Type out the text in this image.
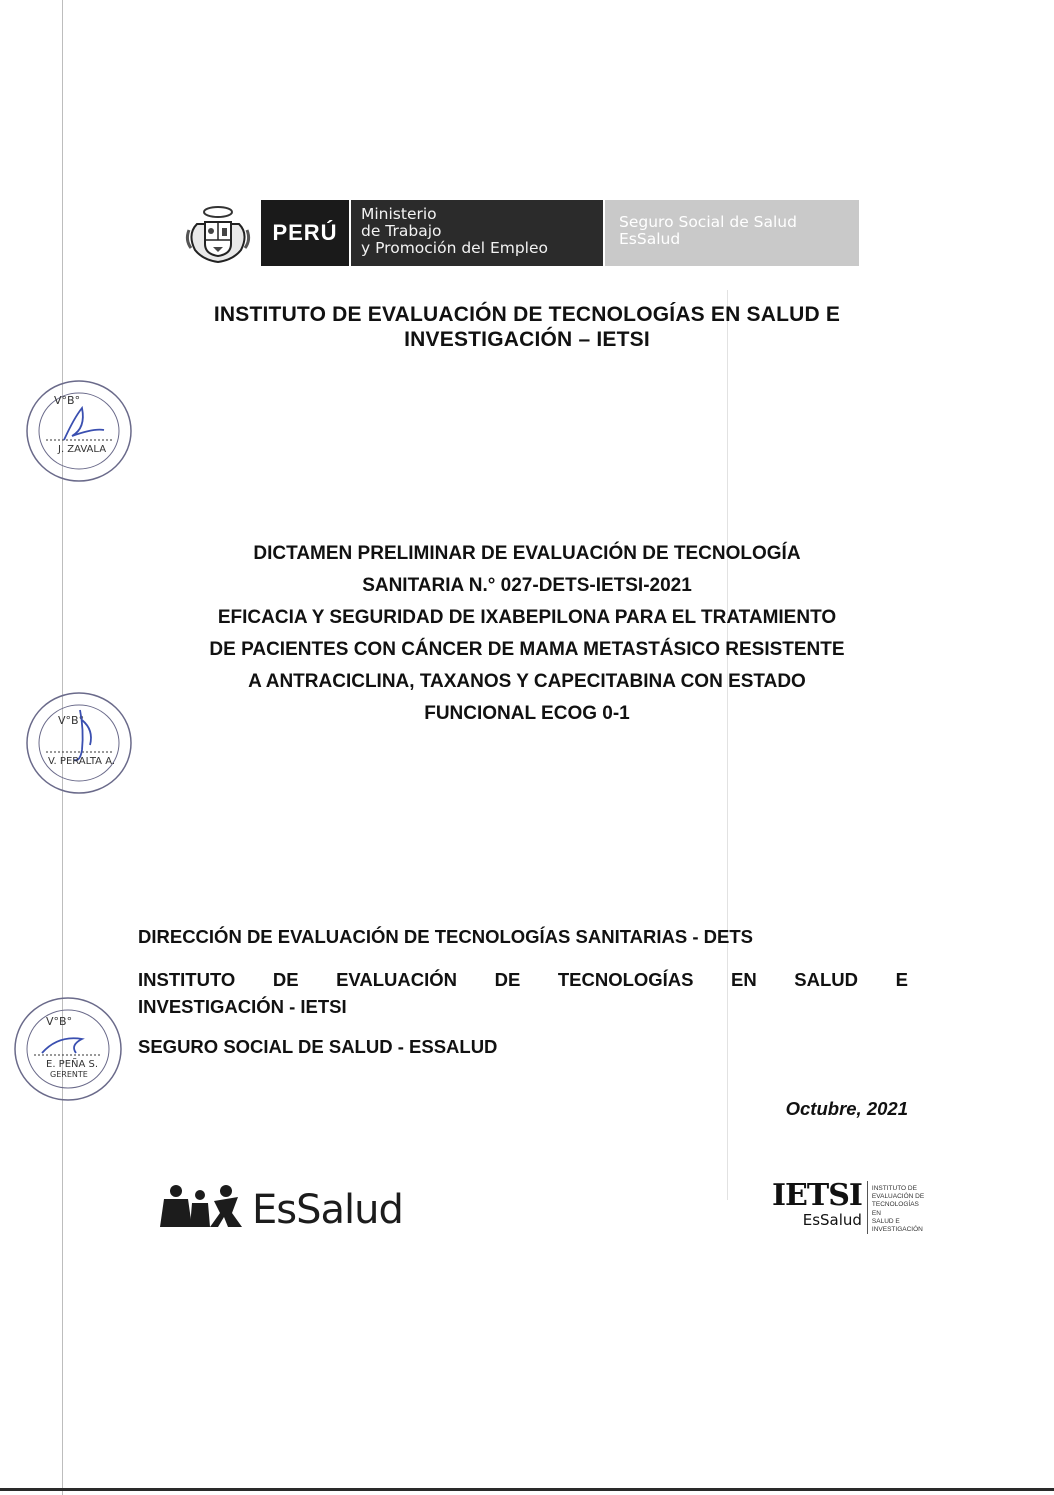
PERÚ
Ministerio
de Trabajo
y Promoción del Empleo
Seguro Social de Salud
EsSalud
INSTITUTO DE EVALUACIÓN DE TECNOLOGÍAS EN SALUD E
INVESTIGACIÓN – IETSI
V°B°
J. ZAVALA
DICTAMEN PRELIMINAR DE EVALUACIÓN DE TECNOLOGÍA
SANITARIA N.° 027-DETS-IETSI-2021
EFICACIA Y SEGURIDAD DE IXABEPILONA PARA EL TRATAMIENTO
DE PACIENTES CON CÁNCER DE MAMA METASTÁSICO RESISTENTE
A ANTRACICLINA, TAXANOS Y CAPECITABINA CON ESTADO
FUNCIONAL ECOG 0-1
V°B°
V. PERALTA A.
DIRECCIÓN DE EVALUACIÓN DE TECNOLOGÍAS SANITARIAS - DETS
INSTITUTO DE EVALUACIÓN DE TECNOLOGÍAS EN SALUD E
INVESTIGACIÓN - IETSI
SEGURO SOCIAL DE SALUD - ESSALUD
V°B°
E. PEÑA S.
GERENTE
Octubre, 2021
EsSalud	IETSI
EsSalud
INSTITUTO DE
EVALUACIÓN DE
TECNOLOGÍAS EN
SALUD E
INVESTIGACIÓN
